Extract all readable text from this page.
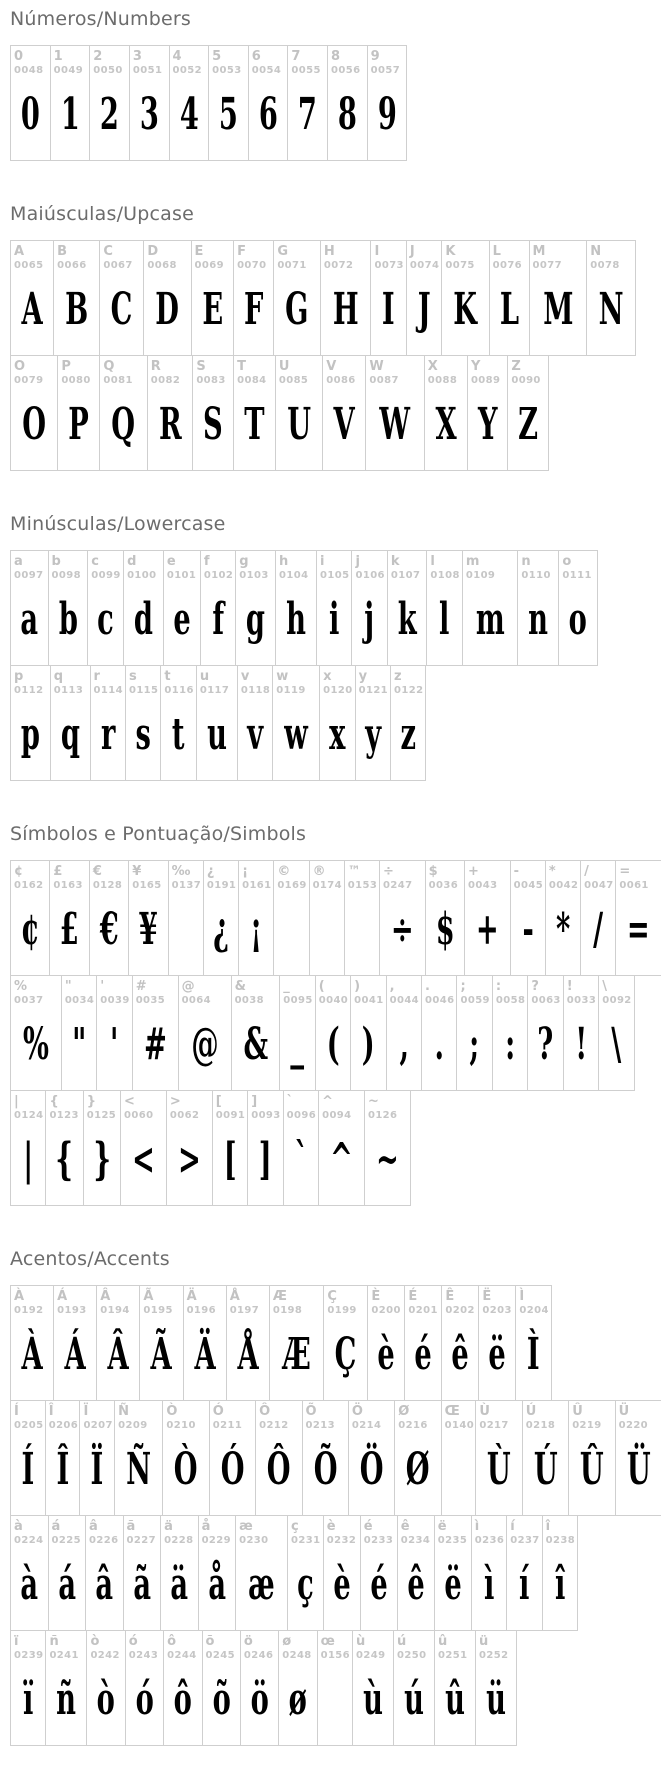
Números/Numbers
0
0048
0
1
0049
1
2
0050
2
3
0051
3
4
0052
4
5
0053
5
6
0054
6
7
0055
7
8
0056
8
9
0057
9
Maiúsculas/Upcase
A
0065
A
B
0066
B
C
0067
C
D
0068
D
E
0069
E
F
0070
F
G
0071
G
H
0072
H
I
0073
I
J
0074
J
K
0075
K
L
0076
L
M
0077
M
N
0078
N
O
0079
O
P
0080
P
Q
0081
Q
R
0082
R
S
0083
S
T
0084
T
U
0085
U
V
0086
V
W
0087
W
X
0088
X
Y
0089
Y
Z
0090
Z
Minúsculas/Lowercase
a
0097
a
b
0098
b
c
0099
c
d
0100
d
e
0101
e
f
0102
f
g
0103
g
h
0104
h
i
0105
i
j
0106
j
k
0107
k
l
0108
l
m
0109
m
n
0110
n
o
0111
o
p
0112
p
q
0113
q
r
0114
r
s
0115
s
t
0116
t
u
0117
u
v
0118
v
w
0119
w
x
0120
x
y
0121
y
z
0122
z
Símbolos e Pontuação/Simbols
¢
0162
¢
£
0163
£
€
0128
€
¥
0165
¥
‰
0137
¿
0191
¿
¡
0161
¡
©
0169
®
0174
™
0153
÷
0247
÷
$
0036
$
+
0043
+
-
0045
-
*
0042
*
/
0047
/
=
0061
=
%
0037
%
"
0034
"
'
0039
'
#
0035
#
@
0064
@
&
0038
&
_
0095
_
(
0040
(
)
0041
)
,
0044
,
.
0046
.
;
0059
;
:
0058
:
?
0063
?
!
0033
!
\
0092
\
|
0124
|
{
0123
{
}
0125
}
<
0060
<
>
0062
>
[
0091
[
]
0093
]
`
0096
`
^
0094
^
~
0126
~
Acentos/Accents
À
0192
À
Á
0193
Á
Â
0194
Â
Ã
0195
Ã
Ä
0196
Ä
Å
0197
Å
Æ
0198
Æ
Ç
0199
Ç
È
0200
è
É
0201
é
Ê
0202
ê
Ë
0203
ë
Ì
0204
Ì
Í
0205
Í
Î
0206
Î
Ï
0207
Ï
Ñ
0209
Ñ
Ò
0210
Ò
Ó
0211
Ó
Ô
0212
Ô
Õ
0213
Õ
Ö
0214
Ö
Ø
0216
Ø
Œ
0140
Ù
0217
Ù
Ú
0218
Ú
Û
0219
Û
Ü
0220
Ü
à
0224
à
á
0225
á
â
0226
â
ã
0227
ã
ä
0228
ä
å
0229
å
æ
0230
æ
ç
0231
ç
è
0232
è
é
0233
é
ê
0234
ê
ë
0235
ë
ì
0236
ì
í
0237
í
î
0238
î
ï
0239
ï
ñ
0241
ñ
ò
0242
ò
ó
0243
ó
ô
0244
ô
õ
0245
õ
ö
0246
ö
ø
0248
ø
œ
0156
ù
0249
ù
ú
0250
ú
û
0251
û
ü
0252
ü
